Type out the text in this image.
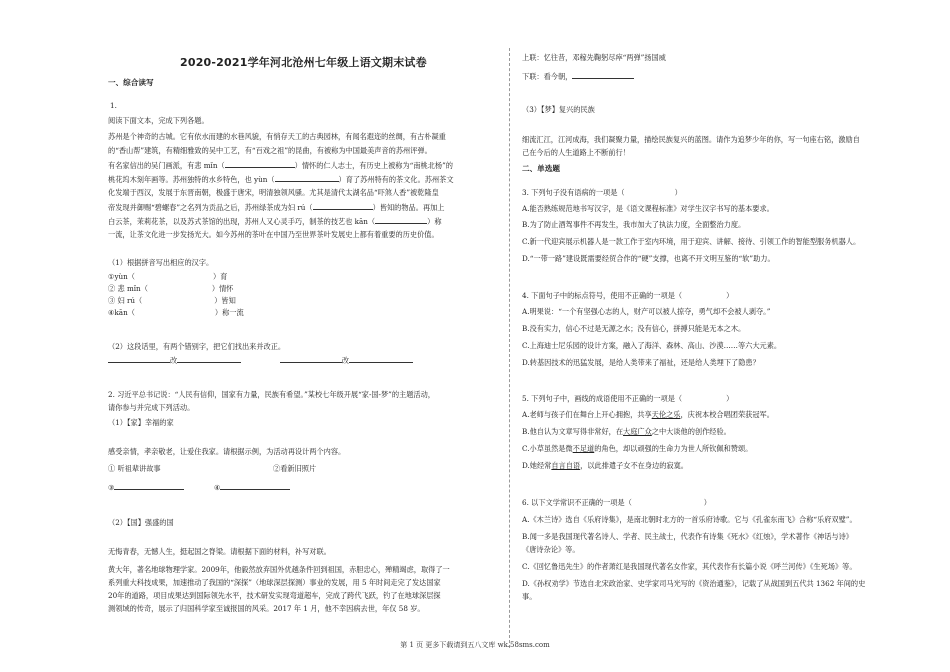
2020-2021学年河北沧州七年级上语文期末试卷
一、综合读写
1.
阅读下面文本，完成下列各题。
苏州是个神奇的古城。它有依水而建的水巷风貌，有悄存天工的古典园林，有闻名遐迩的丝绸，有古朴凝重
的“香山帮”建筑，有精细雅致的吴中工艺，有“百戏之祖”的昆曲，有被称为中国最美声音的苏州评弹。
有名家信出的吴门画派，有悲 mǐn（	）情怀的仁人志士，有历史上被称为“南桃北杨”的
桃花坞木刻年画等。苏州独特的水乡特色，也 yùn（	）育了苏州特有的茶文化。苏州茶文
化发端于西汉，发展于东晋南朝，极盛于唐宋，明清独领风骚。尤其是清代太湖名品“吓煞人香”被乾隆皇
帝发现并御赐“碧螺春”之名列为贡品之后，苏州绿茶成为妇 rú（	）皆知的物品。再加上
白云茶，茉莉花茶，以及苏式茶馆的出现，苏州人又心灵手巧，制茶的技艺也 kān（	）称
一流，让茶文化进一步发扬光大。如今苏州的茶叶在中国乃至世界茶叶发展史上都有着重要的历史价值。
（1）根据拼音写出相应的汉字。
①yùn（	）育
② 悲 mǐn（	）情怀
③ 妇 rú（	）皆知
④kān（	）称一流
（2）这段话里，有两个错别字，把它们找出来并改正。
改	改
2. 习近平总书记说：“人民有信仰，国家有力量，民族有希望。”某校七年级开展“家-国-梦”的主题活动，
请你参与并完成下列活动。
（1）【家】幸福的家
感受亲情，孝亲敬老，让爱住我家。请根据示例，为活动再设计两个内容。
① 听祖辈讲故事	②看新旧照片
③	④
（2）【国】强盛的国
无悔青春，无憾人生，挺起国之脊梁。请根据下面的材料，补写对联。
黄大年，著名地球物理学家。2009年，他毅然放弃国外优越条件回到祖国，赤胆忠心，殚精竭虑，取得了一
系列重大科技成果，加速推动了我国的“深探”（地球深层探测）事业的发展，用 5 年时间走完了发达国家
20年的道路，项目成果达到国际领先水平，技术研发实现弯道超车，完成了跨代飞跃，钓了在地球深层探
测领域的传奇，展示了归国科学家至诚报国的风采。2017 年 1 月，他不幸因病去世，年仅 58 岁。
上联：忆往昔，邓稼先鞠躬尽瘁“两弹”扬国威
下联：看今朝，
（3）【梦】复兴的民族
细流汇江，江河成海，我们凝聚力量，描绘民族复兴的蓝图。请作为追梦少年的你，写一句座右铭，激励自
己在今后的人生道路上不断前行！
二、单选题
3. 下列句子没有语病的一项是（	）
A.能否熟练规范地书写汉字，是《语文课程标准》对学生汉字书写的基本要求。
B.为了防止酒驾事件不再发生，我市加大了执法力度，全面整治力度。
C.新一代迎宾展示机器人是一款工作于室内环境，用于迎宾、讲解、接待、引领工作的智能型服务机器人。
D.“一带一路”建设既需要经贸合作的“硬”支撑，也离不开文明互鉴的“软”助力。
4. 下面句子中的标点符号，使用不正确的一项是（	）
A.明果说：“一个有坚强心志的人，财产可以被人掠夺，勇气却不会被人剥夺。”
B.没有实力，信心不过是无源之水；没有信心，拼搏只能是无本之木。
C.上海迪士尼乐园的设计方案，融入了海洋、森林、高山、沙漠……等六大元素。
D.转基因技术的迅猛发展，是给人类带来了福祉，还是给人类埋下了隐患？
5. 下列句子中，画线的成语使用不正确的一项是（	）
A.老师与孩子们在舞台上开心拥抱，共享天伦之乐，庆祝本校合唱团荣获冠军。
B.他自认为文章写得非常好，在大庭广众之中大谈他的创作经验。
C.小草虽然是微不足道的角色，却以顽强的生命力为世人所钦佩和赞颂。
D.她经常自言自语，以此排遣子女不在身边的寂寞。
6. 以下文学常识不正确的一项是（	）
A.《木兰诗》选自《乐府诗集》，是南北朝时北方的一首乐府诗歌。它与《孔雀东南飞》合称“乐府双璧”。
B.闻一多是我国现代著名诗人、学者、民主战士，代表作有诗集《死水》《红烛》，学术著作《神话与诗》
《唐诗杂论》等。
C.《回忆鲁迅先生》的作者萧红是我国现代著名女作家，其代表作有长篇小说《呼兰河传》《生死场》等。
D.《孙权劝学》节选自北宋政治家、史学家司马光写的《资治通鉴》，记载了从战国到五代共 1362 年间的史
事。
第 1 页 更多下载请到五八文库 wk.58sms.com
